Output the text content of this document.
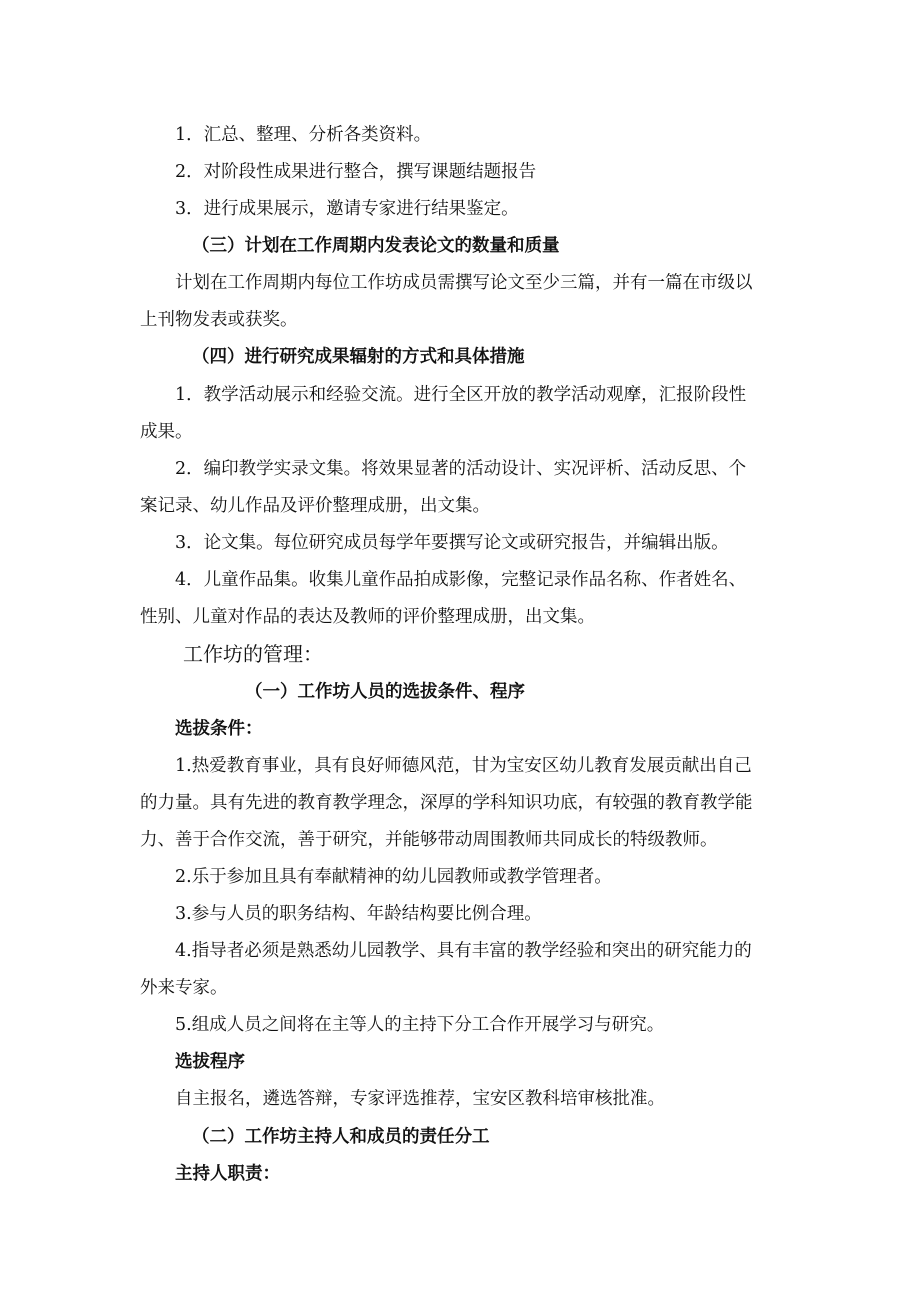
1．汇总、整理、分析各类资料。
2．对阶段性成果进行整合，撰写课题结题报告
3．进行成果展示，邀请专家进行结果鉴定。
（三）计划在工作周期内发表论文的数量和质量
计划在工作周期内每位工作坊成员需撰写论文至少三篇，并有一篇在市级以
上刊物发表或获奖。
（四）进行研究成果辐射的方式和具体措施
1．教学活动展示和经验交流。进行全区开放的教学活动观摩，汇报阶段性
成果。
2．编印教学实录文集。将效果显著的活动设计、实况评析、活动反思、个
案记录、幼儿作品及评价整理成册，出文集。
3．论文集。每位研究成员每学年要撰写论文或研究报告，并编辑出版。
4．儿童作品集。收集儿童作品拍成影像，完整记录作品名称、作者姓名、
性别、儿童对作品的表达及教师的评价整理成册，出文集。
工作坊的管理：
（一）工作坊人员的选拔条件、程序
选拔条件：
1.热爱教育事业，具有良好师德风范，甘为宝安区幼儿教育发展贡献出自己
的力量。具有先进的教育教学理念，深厚的学科知识功底，有较强的教育教学能
力、善于合作交流，善于研究，并能够带动周围教师共同成长的特级教师。
2.乐于参加且具有奉献精神的幼儿园教师或教学管理者。
3.参与人员的职务结构、年龄结构要比例合理。
4.指导者必须是熟悉幼儿园教学、具有丰富的教学经验和突出的研究能力的
外来专家。
5.组成人员之间将在主等人的主持下分工合作开展学习与研究。
选拔程序
自主报名，遴选答辩，专家评选推荐，宝安区教科培审核批准。
（二）工作坊主持人和成员的责任分工
主持人职责：
